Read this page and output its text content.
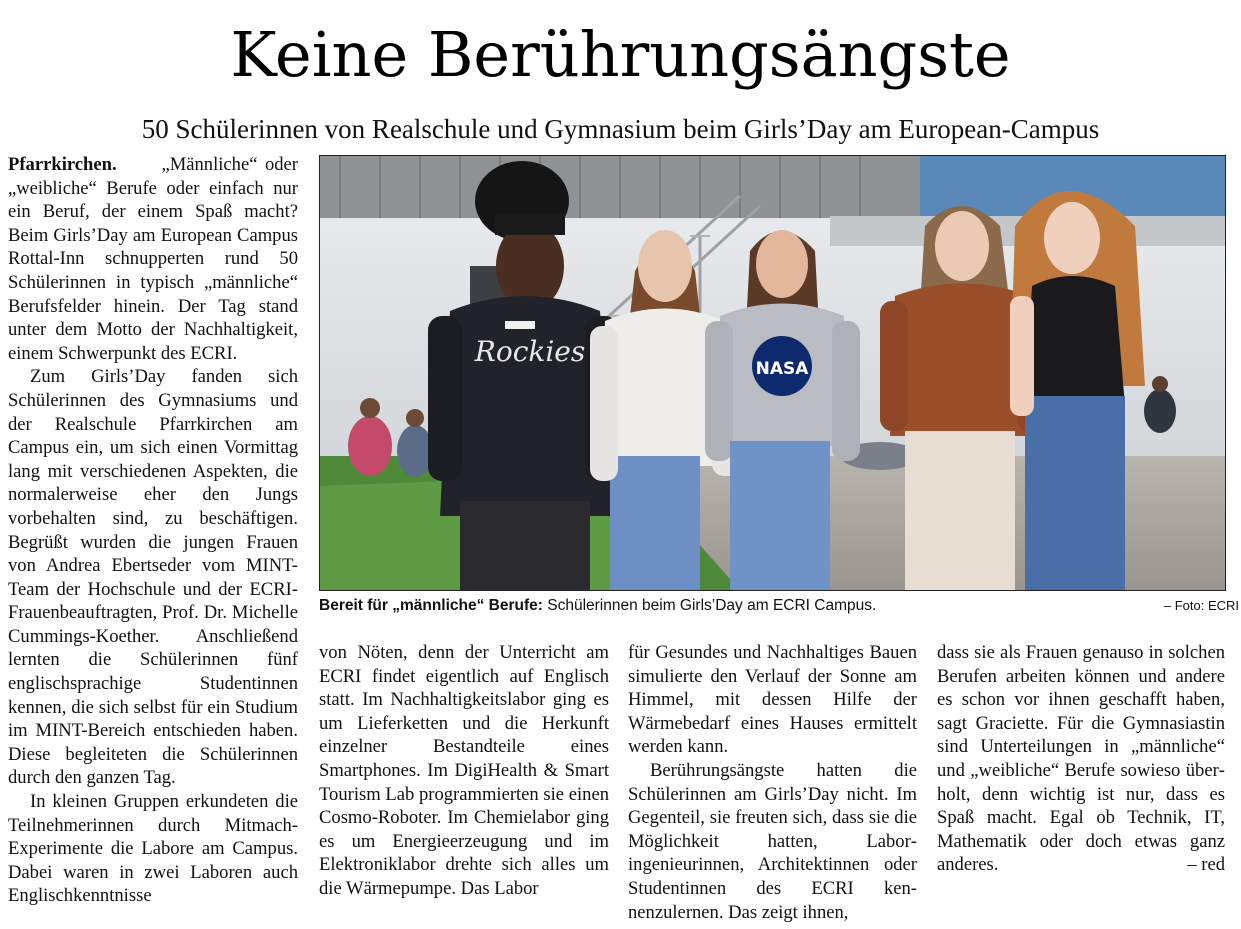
Keine Berührungsängste
50 Schülerinnen von Realschule und Gymnasium beim Girls’Day am European-Campus

Pfarrkirchen. „Männliche“ oder „weibliche“ Berufe oder einfach nur ein Beruf, der einem Spaß macht? Beim Girls’Day am European Campus Rottal-Inn schnupperten rund 50 Schülerinnen in typisch „männliche“ Berufsfelder hinein. Der Tag stand unter dem Motto der Nachhaltigkeit, einem Schwerpunkt des ECRI.

Zum Girls’Day fanden sich Schülerinnen des Gymnasiums und der Realschule Pfarrkirchen am Campus ein, um sich einen Vormittag lang mit verschiedenen Aspekten, die normalerweise eher den Jungs vorbehalten sind, zu beschäftigen. Begrüßt wurden die jungen Frauen von Andrea Ebertseder vom MINT-Team der Hochschule und der ECRI-Frauenbeauftragten, Prof. Dr. Michelle Cummings-Koether. Anschließend lernten die Schülerinnen fünf englischsprachige Studentinnen kennen, die sich selbst für ein Studium im MINT-Bereich entschieden haben. Diese begleiteten die Schülerinnen durch den ganzen Tag.

In kleinen Gruppen erkundeten die Teilnehmerinnen durch Mitmach-Experimente die Labore am Campus. Dabei waren in zwei Laboren auch Englischkenntnisse

Rockies
NASA
Bereit für „männliche“ Berufe: Schülerinnen beim Girls’Day am ECRI Campus.	– Foto: ECRI

von Nöten, denn der Unterricht am ECRI findet eigentlich auf Englisch statt. Im Nachhaltigkeitslabor ging es um Lieferketten und die Herkunft einzelner Bestandteile eines Smartphones. Im DigiHealth & Smart Tourism Lab programmierten sie einen Cosmo-Roboter. Im Chemielabor ging es um Energieerzeugung und im Elektroniklabor drehte sich alles um die Wärmepumpe. Das Labor

für Gesundes und Nachhaltiges Bauen simulierte den Verlauf der Sonne am Himmel, mit dessen Hilfe der Wärmebedarf eines Hauses ermittelt werden kann.

Berührungsängste hatten die Schülerinnen am Girls’Day nicht. Im Gegenteil, sie freuten sich, dass sie die Möglichkeit hatten, Laboringenieurinnen, Architektinnen oder Studentinnen des ECRI kennenzulernen. Das zeigt ihnen,

dass sie als Frauen genauso in solchen Berufen arbeiten können und andere es schon vor ihnen geschafft haben, sagt Graciette. Für die Gymnasiastin sind Unterteilungen in „männliche“ und „weibliche“ Berufe sowieso überholt, denn wichtig ist nur, dass es Spaß macht. Egal ob Technik, IT, Mathematik oder doch etwas ganz anderes.	– red
